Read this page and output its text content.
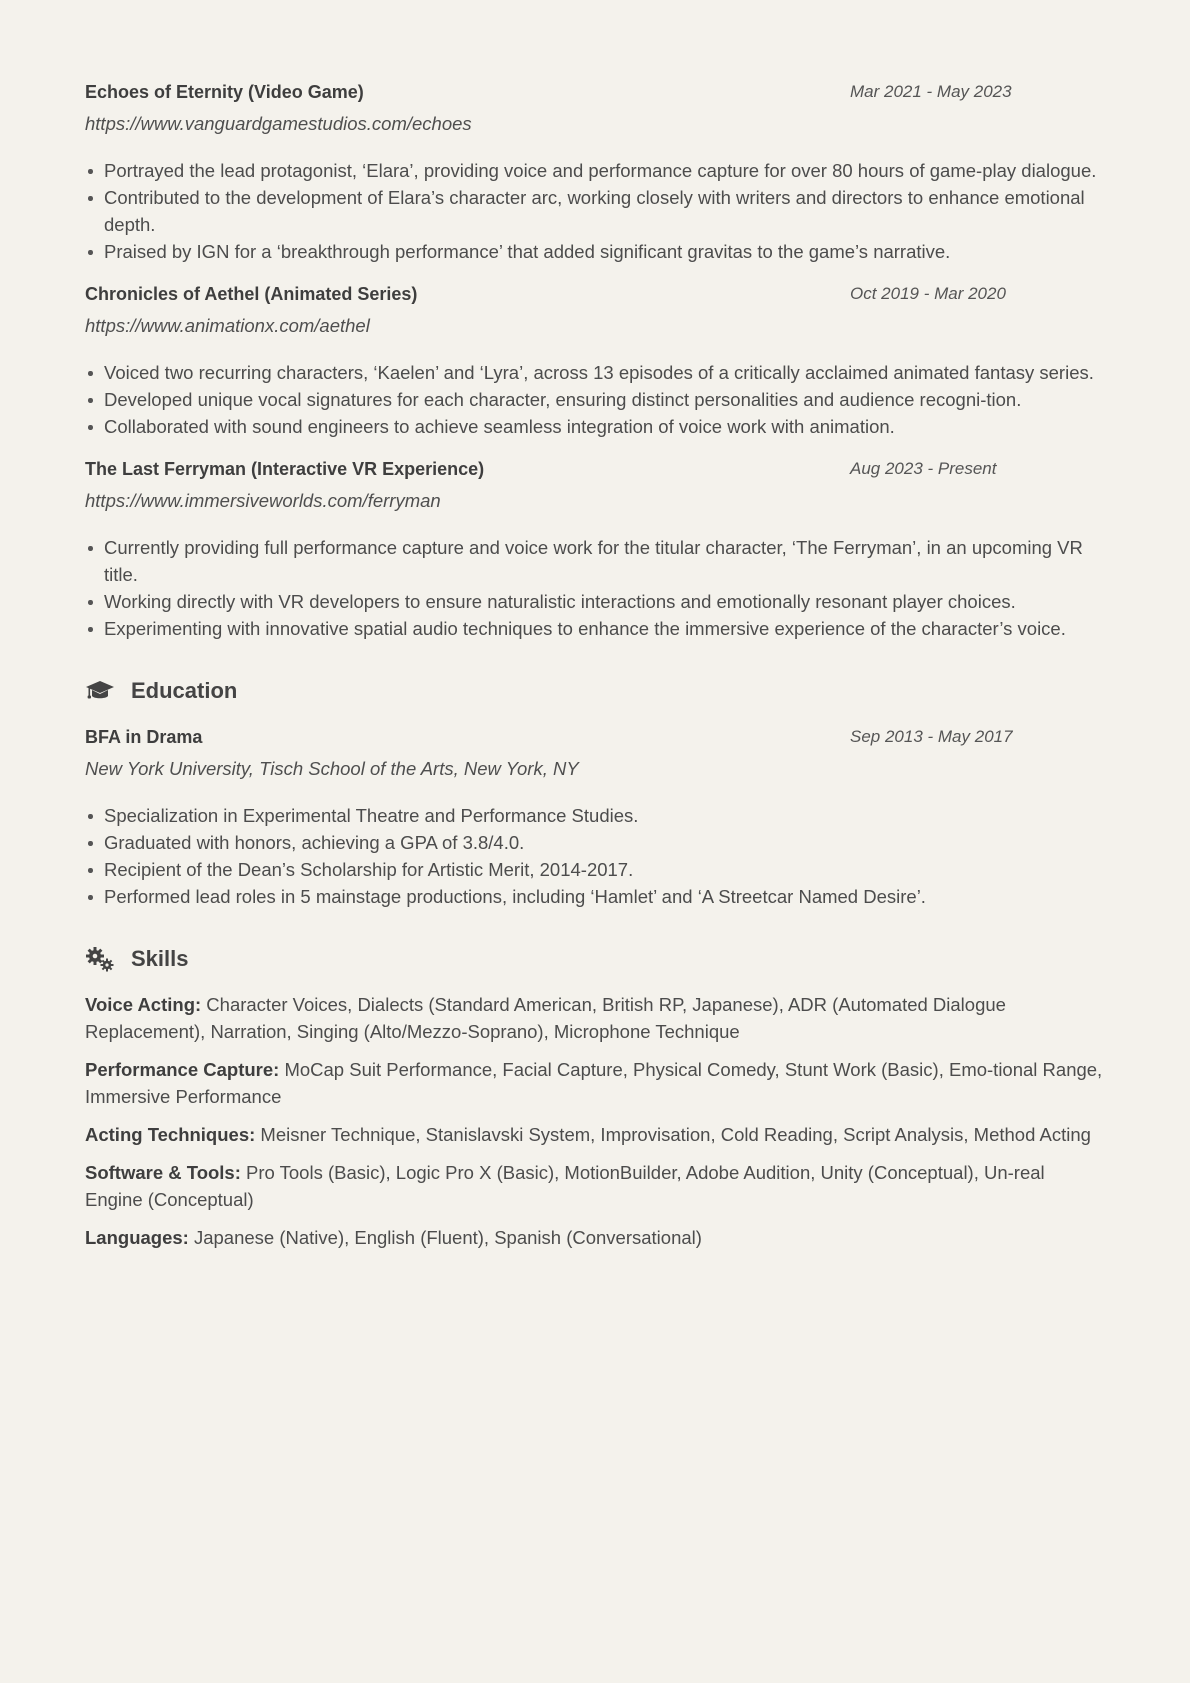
Echoes of Eternity (Video Game)	Mar 2021 - May 2023
https://www.vanguardgamestudios.com/echoes
Portrayed the lead protagonist, ‘Elara’, providing voice and performance capture for over 80 hours of game-play dialogue.
Contributed to the development of Elara’s character arc, working closely with writers and directors to enhance emotional depth.
Praised by IGN for a ‘breakthrough performance’ that added significant gravitas to the game’s narrative.
Chronicles of Aethel (Animated Series)	Oct 2019 - Mar 2020
https://www.animationx.com/aethel
Voiced two recurring characters, ‘Kaelen’ and ‘Lyra’, across 13 episodes of a critically acclaimed animated fantasy series.
Developed unique vocal signatures for each character, ensuring distinct personalities and audience recogni-tion.
Collaborated with sound engineers to achieve seamless integration of voice work with animation.
The Last Ferryman (Interactive VR Experience)	Aug 2023 - Present
https://www.immersiveworlds.com/ferryman
Currently providing full performance capture and voice work for the titular character, ‘The Ferryman’, in an upcoming VR title.
Working directly with VR developers to ensure naturalistic interactions and emotionally resonant player choices.
Experimenting with innovative spatial audio techniques to enhance the immersive experience of the character’s voice.
Education
BFA in Drama	Sep 2013 - May 2017
New York University, Tisch School of the Arts, New York, NY
Specialization in Experimental Theatre and Performance Studies.
Graduated with honors, achieving a GPA of 3.8/4.0.
Recipient of the Dean’s Scholarship for Artistic Merit, 2014-2017.
Performed lead roles in 5 mainstage productions, including ‘Hamlet’ and ‘A Streetcar Named Desire’.
Skills
Voice Acting: Character Voices, Dialects (Standard American, British RP, Japanese), ADR (Automated Dialogue Replacement), Narration, Singing (Alto/Mezzo-Soprano), Microphone Technique
Performance Capture: MoCap Suit Performance, Facial Capture, Physical Comedy, Stunt Work (Basic), Emo-tional Range, Immersive Performance
Acting Techniques: Meisner Technique, Stanislavski System, Improvisation, Cold Reading, Script Analysis, Method Acting
Software & Tools: Pro Tools (Basic), Logic Pro X (Basic), MotionBuilder, Adobe Audition, Unity (Conceptual), Un-real Engine (Conceptual)
Languages: Japanese (Native), English (Fluent), Spanish (Conversational)
